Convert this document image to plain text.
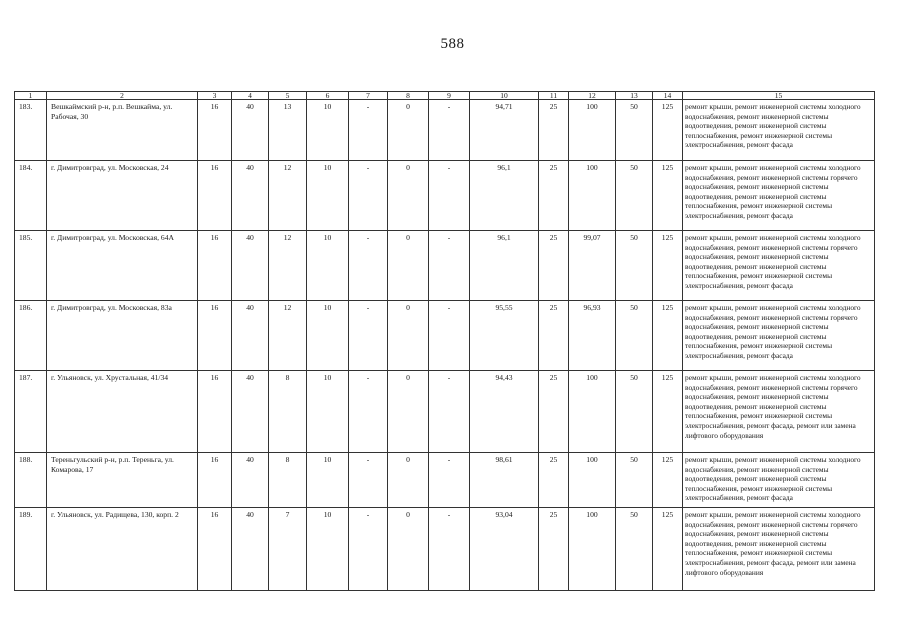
588
1	2	3	4	5	6	7	8	9	10	11	12	13	14	15
183.	Вешкаймский р-н, р.п. Вешкайма, ул. Рабочая, 30	16	40	13	10	-	0	-	94,71	25	100	50	125	ремонт крыши, ремонт инженерной системы холодного водоснабжения, ремонт инженерной системы водоотведения, ремонт инженерной системы теплоснабжения, ремонт инженерной системы электроснабжения, ремонт фасада
184.	г. Димитровград, ул. Московская, 24	16	40	12	10	-	0	-	96,1	25	100	50	125	ремонт крыши, ремонт инженерной системы холодного водоснабжения, ремонт инженерной системы горячего водоснабжения, ремонт инженерной системы водоотведения, ремонт инженерной системы теплоснабжения, ремонт инженерной системы электроснабжения, ремонт фасада
185.	г. Димитровград, ул. Московская, 64А	16	40	12	10	-	0	-	96,1	25	99,07	50	125	ремонт крыши, ремонт инженерной системы холодного водоснабжения, ремонт инженерной системы горячего водоснабжения, ремонт инженерной системы водоотведения, ремонт инженерной системы теплоснабжения, ремонт инженерной системы электроснабжения, ремонт фасада
186.	г. Димитровград, ул. Московская, 83а	16	40	12	10	-	0	-	95,55	25	96,93	50	125	ремонт крыши, ремонт инженерной системы холодного водоснабжения, ремонт инженерной системы горячего водоснабжения, ремонт инженерной системы водоотведения, ремонт инженерной системы теплоснабжения, ремонт инженерной системы электроснабжения, ремонт фасада
187.	г. Ульяновск, ул. Хрустальная, 41/34	16	40	8	10	-	0	-	94,43	25	100	50	125	ремонт крыши, ремонт инженерной системы холодного водоснабжения, ремонт инженерной системы горячего водоснабжения, ремонт инженерной системы водоотведения, ремонт инженерной системы теплоснабжения, ремонт инженерной системы электроснабжения, ремонт фасада, ремонт или замена лифтового оборудования
188.	Тереньгульский р-н, р.п. Тереньга, ул. Комарова, 17	16	40	8	10	-	0	-	98,61	25	100	50	125	ремонт крыши, ремонт инженерной системы холодного водоснабжения, ремонт инженерной системы водоотведения, ремонт инженерной системы теплоснабжения, ремонт инженерной системы электроснабжения, ремонт фасада
189.	г. Ульяновск, ул. Радищева, 130, корп. 2	16	40	7	10	-	0	-	93,04	25	100	50	125	ремонт крыши, ремонт инженерной системы холодного водоснабжения, ремонт инженерной системы горячего водоснабжения, ремонт инженерной системы водоотведения, ремонт инженерной системы теплоснабжения, ремонт инженерной системы электроснабжения, ремонт фасада, ремонт или замена лифтового оборудования
